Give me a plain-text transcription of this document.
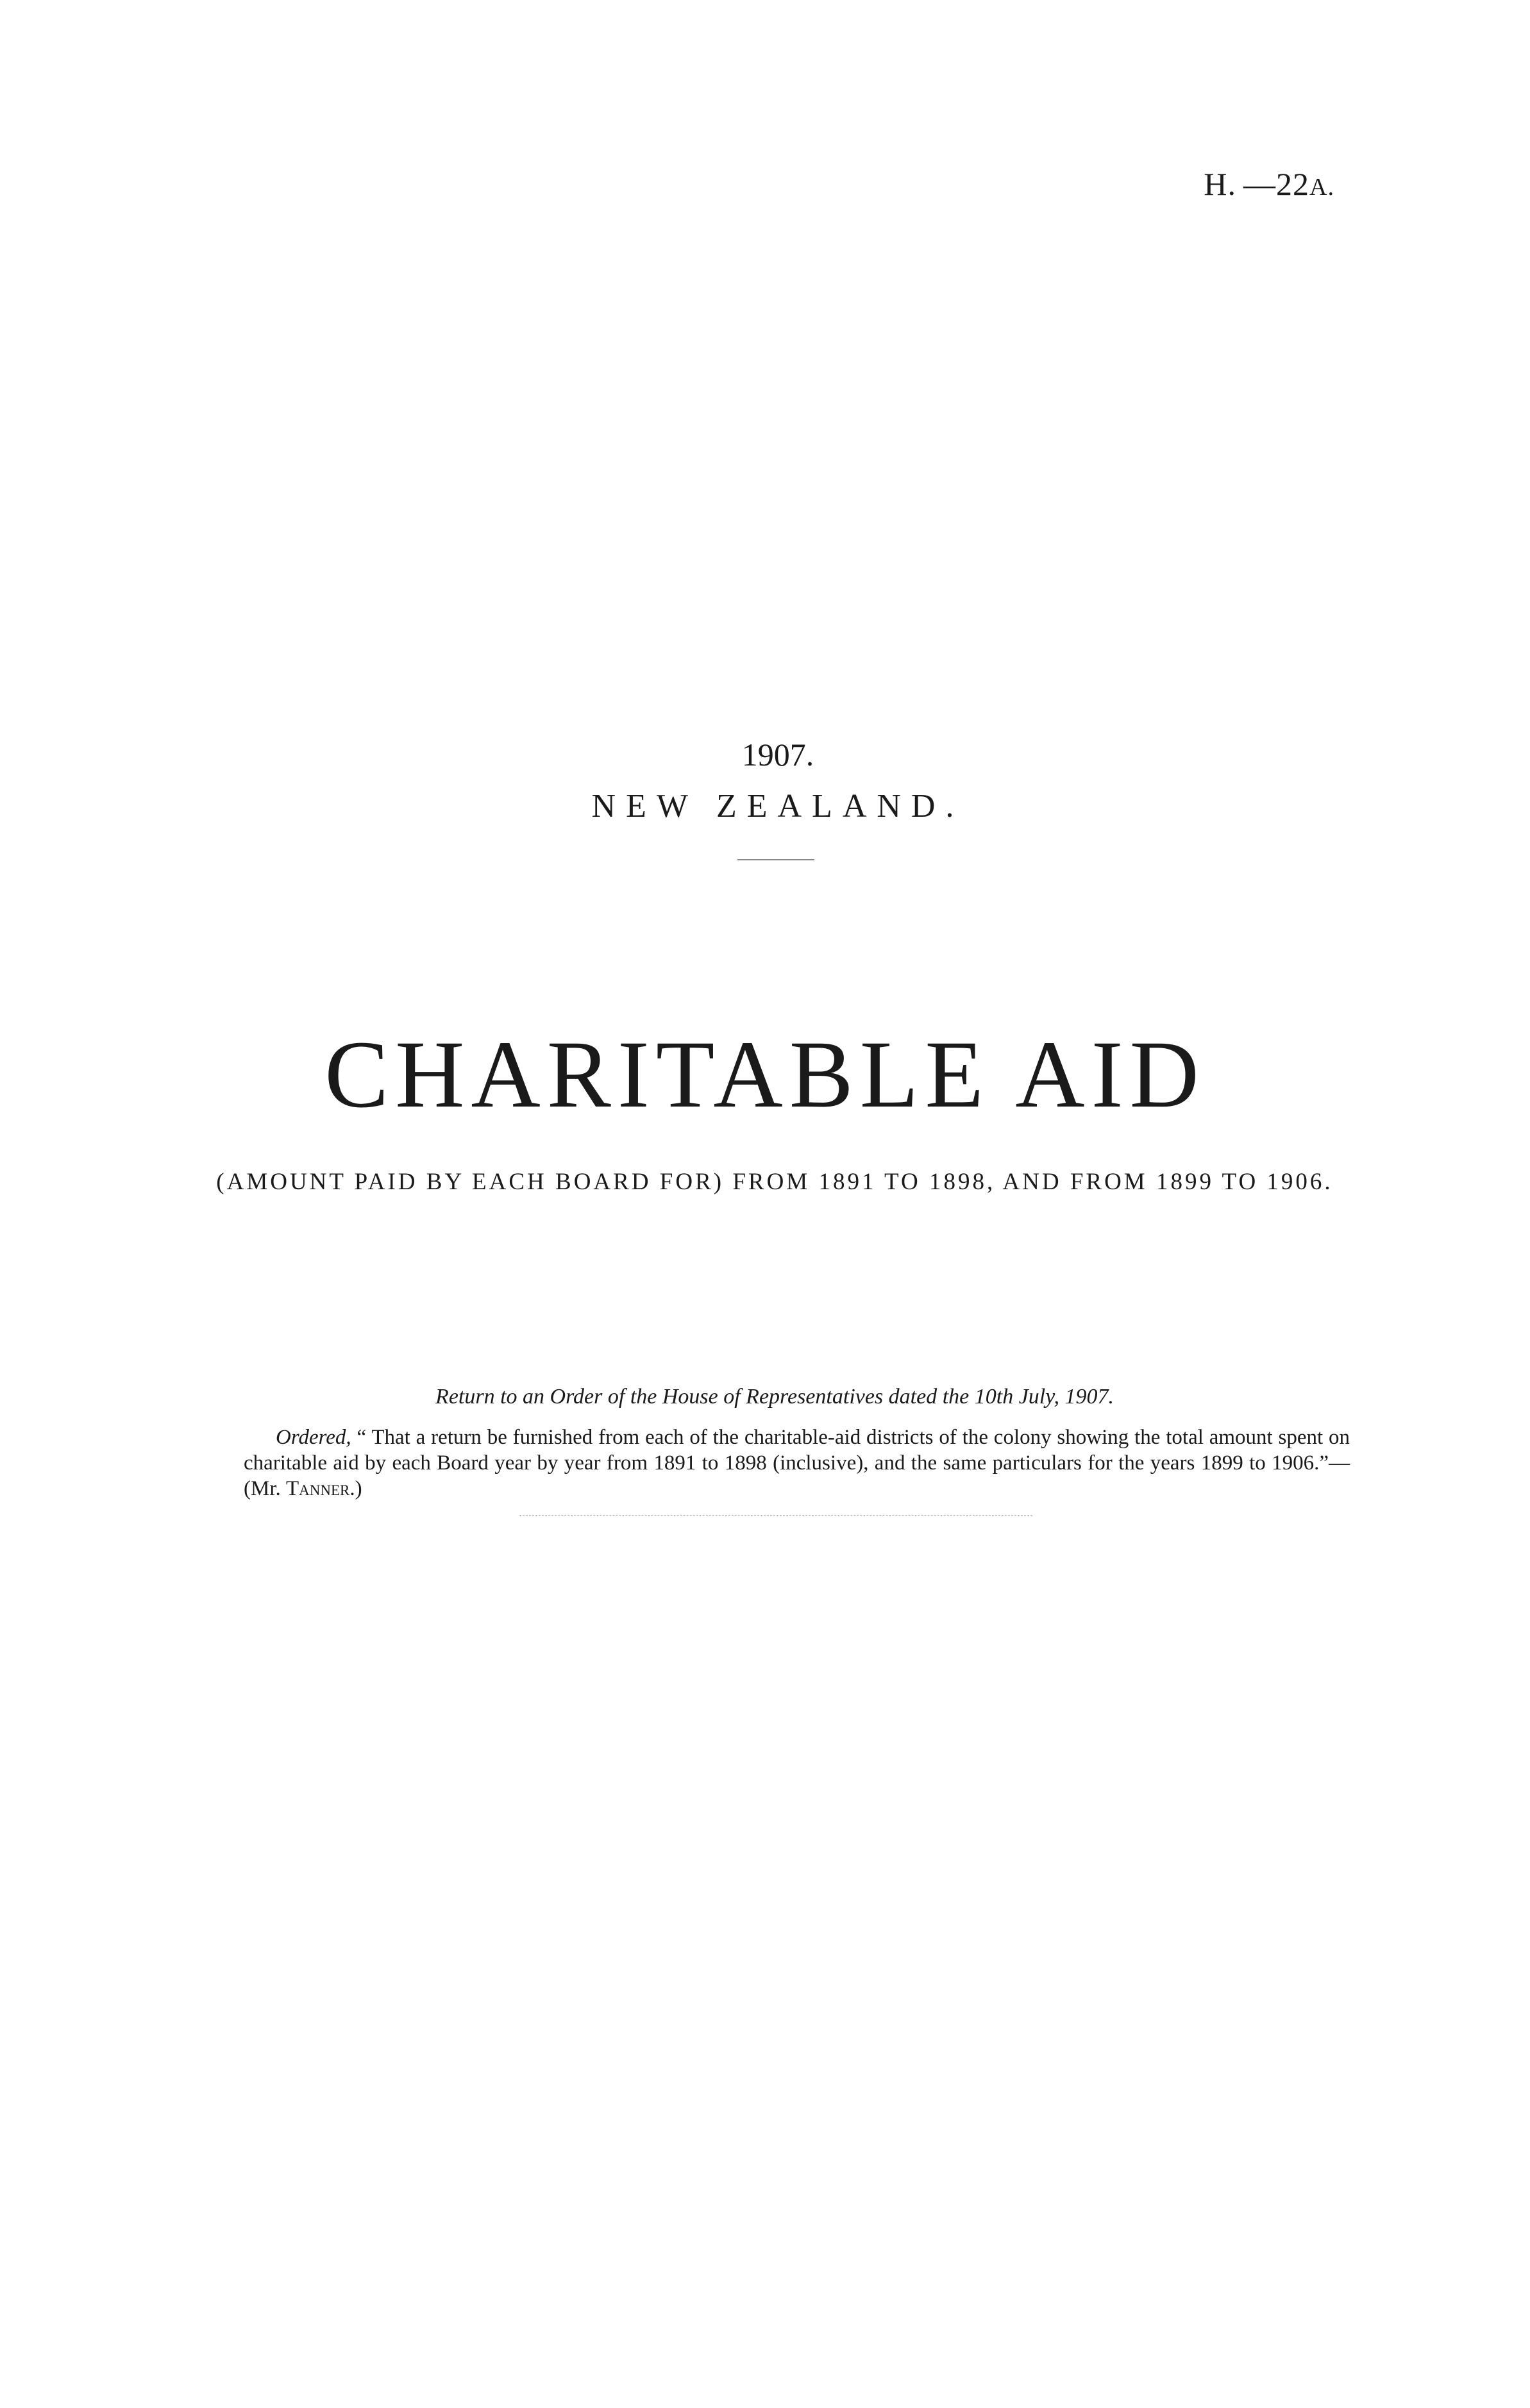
H. —22A.
1907.
NEW ZEALAND.
CHARITABLE AID
(AMOUNT PAID BY EACH BOARD FOR) FROM 1891 TO 1898, AND FROM 1899 TO 1906.
Return to an Order of the House of Representatives dated the 10th July, 1907.

Ordered, “ That a return be furnished from each of the charitable-aid districts of the colony showing the total amount spent on charitable aid by each Board year by year from 1891 to 1898 (inclusive), and the same particulars for the years 1899 to 1906.”—(Mr. Tanner.)
